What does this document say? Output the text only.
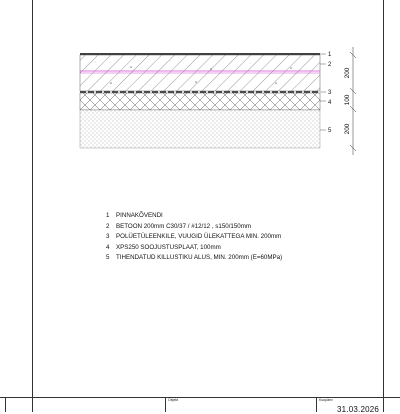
◦
Δ
◦
Δ
◦
Δ
Δ	◦
Δ
◦
Δ	◦
1
2
3
4
5
200
100
200
1	PINNAKÕVENDI
2	BETOON 200mm C30/37 / #12/12 , s150/150mm
3	POLÜETÜLEENKILE, VUUGID ÜLEKATTEGA MIN. 200mm
4	XPS250 SOOJUSTUSPLAAT, 100mm
5	TIHENDATUD KILLUSTIKU ALUS, MIN. 200mm (E=60MPa)
Objekt	Kuupäev
31.03.2026
